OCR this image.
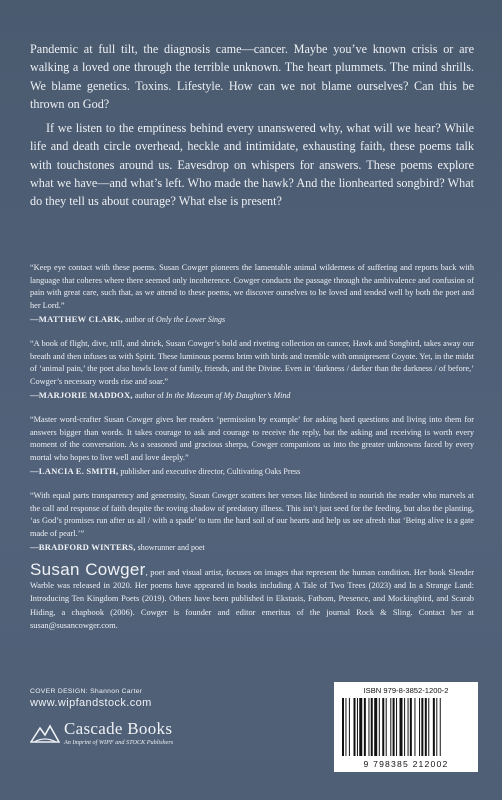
Pandemic at full tilt, the diagnosis came—cancer. Maybe you’ve known crisis or are walking a loved one through the terrible unknown. The heart plummets. The mind shrills. We blame genetics. Toxins. Lifestyle. How can we not blame ourselves? Can this be thrown on God?

If we listen to the emptiness behind every unanswered why, what will we hear? While life and death circle overhead, heckle and intimidate, exhausting faith, these poems talk with touchstones around us. Eavesdrop on whispers for answers. These poems explore what we have—and what’s left. Who made the hawk? And the lionhearted songbird? What do they tell us about courage? What else is present?

“Keep eye contact with these poems. Susan Cowger pioneers the lamentable animal wilderness of suffering and reports back with language that coheres where there seemed only incoherence. Cowger conducts the passage through the ambivalence and confusion of pain with great care, such that, as we attend to these poems, we discover ourselves to be loved and tended well by both the poet and her Lord.”

—MATTHEW CLARK, author of Only the Lower Sings

“A book of flight, dive, trill, and shriek, Susan Cowger’s bold and riveting collection on cancer, Hawk and Songbird, takes away our breath and then infuses us with Spirit. These luminous poems brim with birds and tremble with omnipresent Coyote. Yet, in the midst of ‘animal pain,’ the poet also howls love of family, friends, and the Divine. Even in ‘darkness / darker than the darkness / of before,’ Cowger’s necessary words rise and soar.”

—MARJORIE MADDOX, author of In the Museum of My Daughter’s Mind

“Master word-crafter Susan Cowger gives her readers ‘permission by example’ for asking hard questions and living into them for answers bigger than words. It takes courage to ask and courage to receive the reply, but the asking and receiving is worth every moment of the conversation. As a seasoned and gracious sherpa, Cowger companions us into the greater unknowns faced by every mortal who hopes to live well and love deeply.”

—LANCIA E. SMITH, publisher and executive director, Cultivating Oaks Press

“With equal parts transparency and generosity, Susan Cowger scatters her verses like birdseed to nourish the reader who marvels at the call and response of faith despite the roving shadow of predatory illness. This isn’t just seed for the feeding, but also the planting, ‘as God’s promises run after us all / with a spade’ to turn the hard soil of our hearts and help us see afresh that ‘Being alive is a gate made of pearl.’”

—BRADFORD WINTERS, showrunner and poet

Susan Cowger, poet and visual artist, focuses on images that represent the human condition. Her book Slender Warble was released in 2020. Her poems have appeared in books including A Tale of Two Trees (2023) and In a Strange Land: Introducing Ten Kingdom Poets (2019). Others have been published in Ekstasis, Fathom, Presence, and Mockingbird, and Scarab Hiding, a chapbook (2006). Cowger is founder and editor emeritus of the journal Rock & Sling. Contact her at susan@susancowger.com.

COVER DESIGN: Shannon Carter

www.wipfandstock.com

Cascade Books
An Imprint of WIPF and STOCK Publishers
ISBN 979-8-3852-1200-2
9 798385 212002
